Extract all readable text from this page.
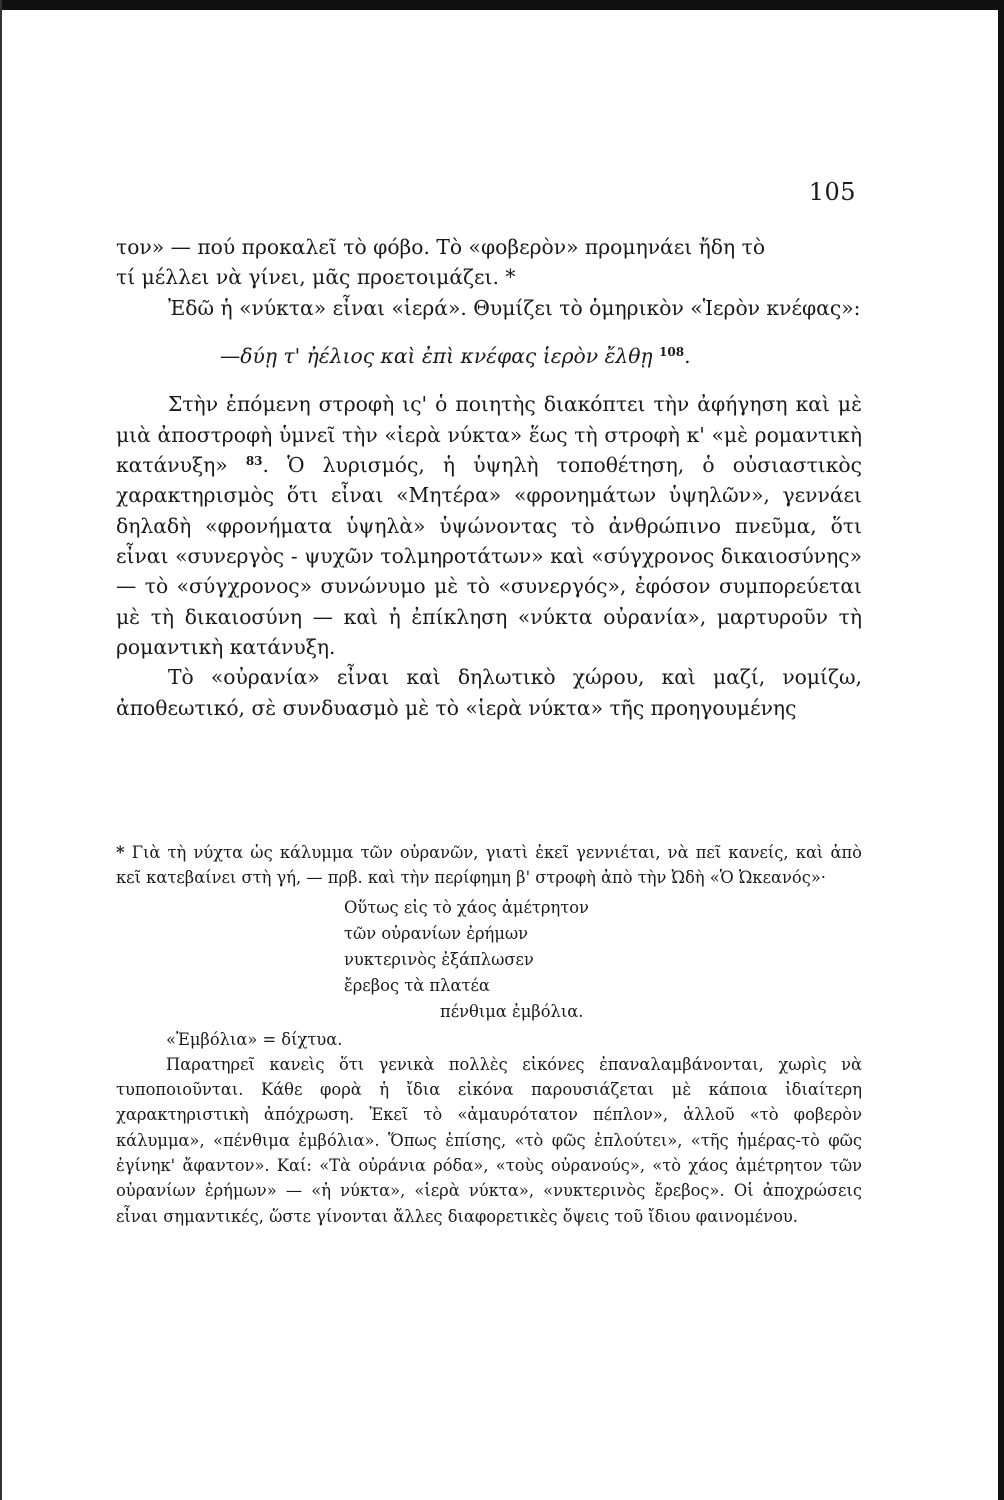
105

τον» — πού προκαλεῖ τὸ φόβο. Τὸ «φοβερὸν» προμηνάει ἤδη τὸ
τί μέλλει νὰ γίνει, μᾶς προετοιμάζει. *

Ἐδῶ ἡ «νύκτα» εἶναι «ἱερά». Θυμίζει τὸ ὁμηρικὸν «Ἱερὸν κνέφας»:

—δύῃ τ' ἠέλιος καὶ ἐπὶ κνέφας ἱερὸν ἔλθῃ $^{108}$.

Στὴν ἑπόμενη στροφὴ ις' ὁ ποιητὴς διακόπτει τὴν ἀφήγηση καὶ μὲ μιὰ ἀποστροφὴ ὑμνεῖ τὴν «ἱερὰ νύκτα» ἕως τὴ στροφὴ κ' «μὲ ρομαντικὴ κατάνυξη» $^{83}$. Ὁ λυρισμός, ἡ ὑψηλὴ τοποθέτηση, ὁ οὐσιαστικὸς χαρακτηρισμὸς ὅτι εἶναι «Μητέρα» «φρονημάτων ὑψηλῶν», γεννάει δηλαδὴ «φρονήματα ὑψηλὰ» ὑψώνοντας τὸ ἀνθρώπινο πνεῦμα, ὅτι εἶναι «συνεργὸς - ψυχῶν τολμηροτάτων» καὶ «σύγχρονος δικαιοσύνης» — τὸ «σύγχρονος» συνώνυμο μὲ τὸ «συνεργός», ἐφόσον συμπορεύεται μὲ τὴ δικαιοσύνη — καὶ ἡ ἐπίκληση «νύκτα οὐρανία», μαρτυροῦν τὴ ρομαντικὴ κατάνυξη.

Τὸ «οὐρανία» εἶναι καὶ δηλωτικὸ χώρου, καὶ μαζί, νομίζω, ἀποθεωτικό, σὲ συνδυασμὸ μὲ τὸ «ἱερὰ νύκτα» τῆς προηγουμένης

* Γιὰ τὴ νύχτα ὡς κάλυμμα τῶν οὐρανῶν, γιατὶ ἐκεῖ γεννιέται, νὰ πεῖ κανείς, καὶ ἀπὸ κεῖ κατεβαίνει στὴ γή, — πρβ. καὶ τὴν περίφημη β' στροφὴ ἀπὸ τὴν Ὠδὴ «Ὁ Ὠκεανός»·

Οὕτως εἰς τὸ χάος ἀμέτρητον
τῶν οὐρανίων ἐρήμων
νυκτερινὸς ἐξάπλωσεν
ἔρεβος τὰ πλατέα
πένθιμα ἐμβόλια.

«Ἐμβόλια» = δίχτυα.

Παρατηρεῖ κανεὶς ὅτι γενικὰ πολλὲς εἰκόνες ἐπαναλαμβάνονται, χωρὶς νὰ τυποποιοῦνται. Κάθε φορὰ ἡ ἴδια εἰκόνα παρουσιάζεται μὲ κάποια ἰδιαίτερη χαρακτηριστικὴ ἀπόχρωση. Ἐκεῖ τὸ «ἀμαυρότατον πέπλον», ἀλλοῦ «τὸ φοβερὸν κάλυμμα», «πένθιμα ἐμβόλια». Ὅπως ἐπίσης, «τὸ φῶς ἐπλούτει», «τῆς ἡμέρας-τὸ φῶς ἐγίνηκ' ἄφαντον». Καί: «Τὰ οὐράνια ρόδα», «τοὺς οὐρανούς», «τὸ χάος ἀμέτρητον τῶν οὐρανίων ἐρήμων» — «ἡ νύκτα», «ἱερὰ νύκτα», «νυκτερινὸς ἔρεβος». Οἱ ἀποχρώσεις εἶναι σημαντικές, ὥστε γίνονται ἄλλες διαφορετικὲς ὄψεις τοῦ ἴδιου φαινομένου.
